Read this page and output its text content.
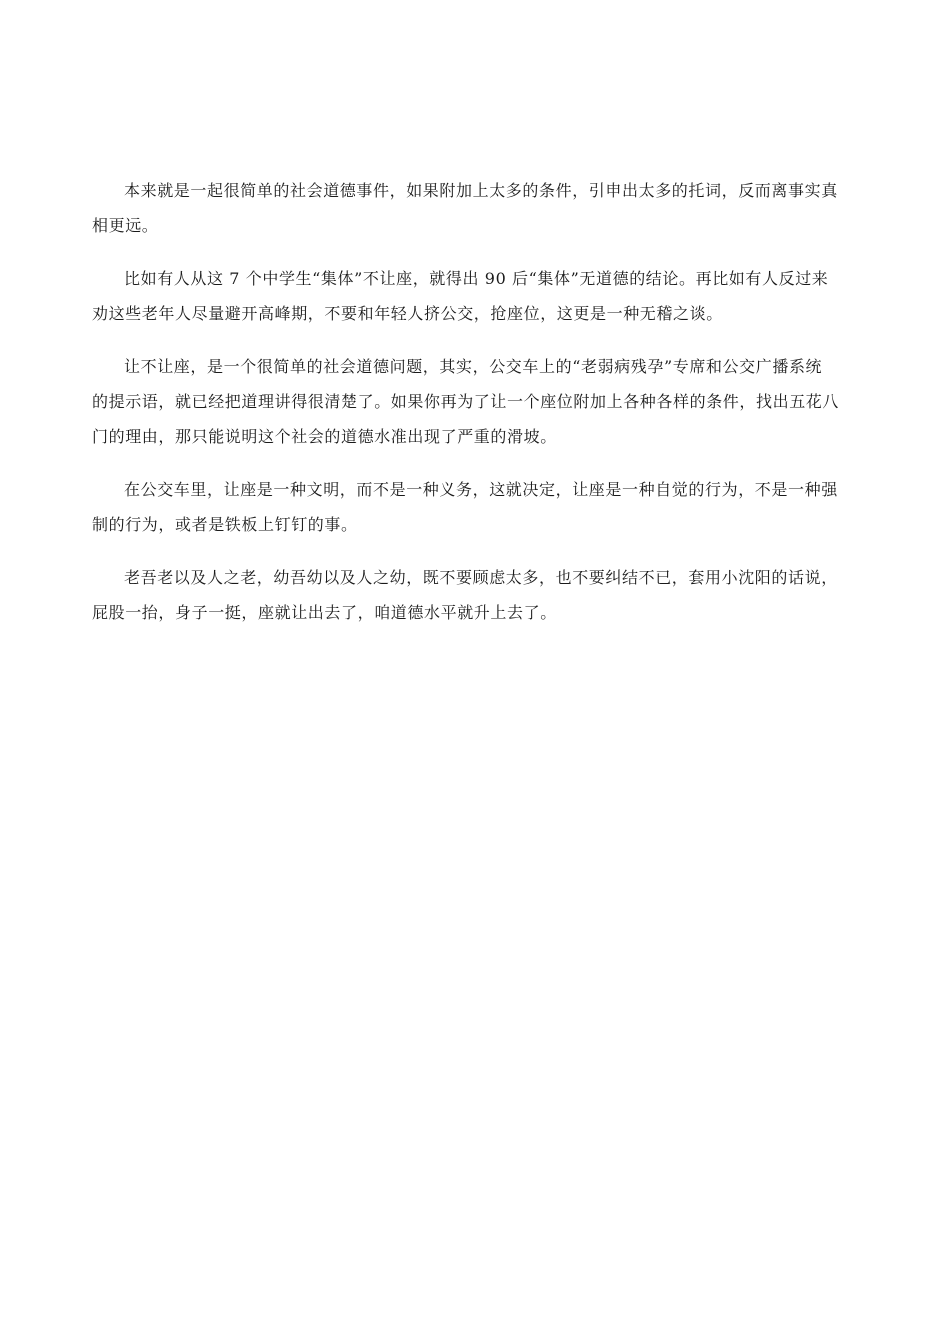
本来就是一起很简单的社会道德事件，如果附加上太多的条件，引申出太多的托词，反而离事实真
相更远。

比如有人从这 7 个中学生“集体”不让座，就得出 90 后“集体”无道德的结论。再比如有人反过来
劝这些老年人尽量避开高峰期，不要和年轻人挤公交，抢座位，这更是一种无稽之谈。

让不让座，是一个很简单的社会道德问题，其实，公交车上的“老弱病残孕”专席和公交广播系统
的提示语，就已经把道理讲得很清楚了。如果你再为了让一个座位附加上各种各样的条件，找出五花八
门的理由，那只能说明这个社会的道德水准出现了严重的滑坡。

在公交车里，让座是一种文明，而不是一种义务，这就决定，让座是一种自觉的行为，不是一种强
制的行为，或者是铁板上钉钉的事。

老吾老以及人之老，幼吾幼以及人之幼，既不要顾虑太多，也不要纠结不已，套用小沈阳的话说，
屁股一抬，身子一挺，座就让出去了，咱道德水平就升上去了。
